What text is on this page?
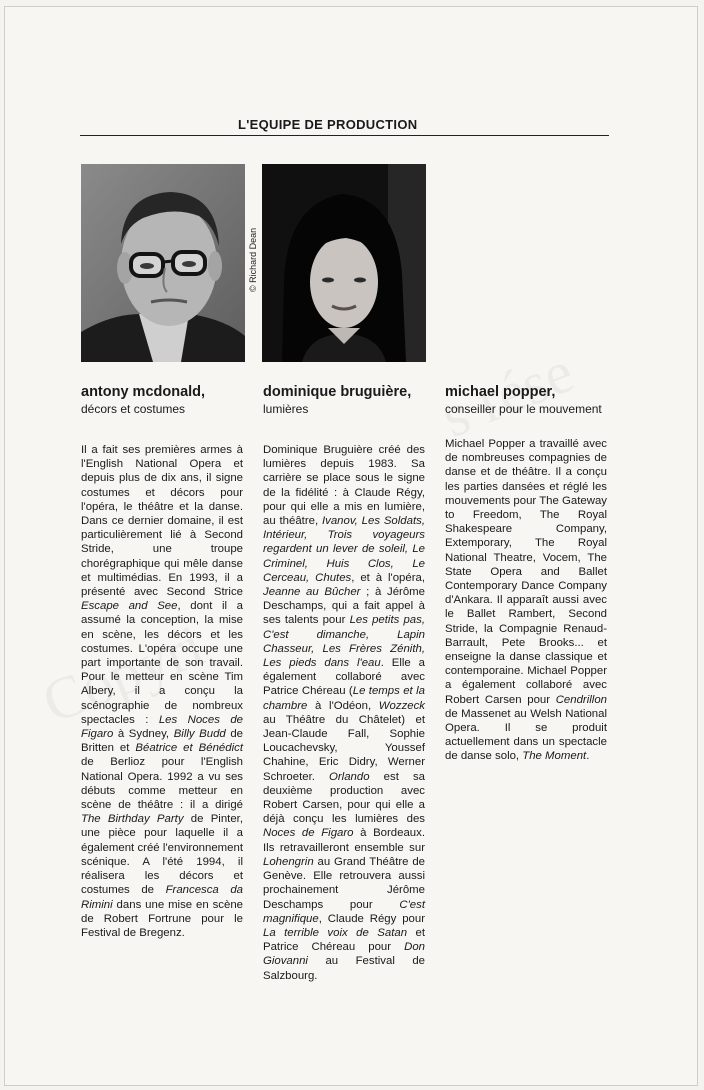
L'EQUIPE DE PRODUCTION
© Richard Dean
antony mcdonald,
décors et costumes
Il a fait ses premières armes à l'English National Opera et depuis plus de dix ans, il signe costumes et décors pour l'opéra, le théâtre et la danse. Dans ce dernier domaine, il est particulièrement lié à Second Stride, une troupe chorégraphique qui mêle danse et multimédias. En 1993, il a présenté avec Second Strice Escape and See, dont il a assumé la conception, la mise en scène, les décors et les costumes. L'opéra occupe une part importante de son travail. Pour le metteur en scène Tim Albery, il a conçu la scénographie de nombreux spectacles : Les Noces de Figaro à Sydney, Billy Budd de Britten et Béatrice et Bénédict de Berlioz pour l'English National Opera. 1992 a vu ses débuts comme metteur en scène de théâtre : il a dirigé The Birthday Party de Pinter, une pièce pour laquelle il a également créé l'environnement scénique. A l'été 1994, il réalisera les décors et costumes de Francesca da Rimini dans une mise en scène de Robert Fortrune pour le Festival de Bregenz.
dominique bruguière,
lumières
Dominique Bruguière créé des lumières depuis 1983. Sa carrière se place sous le signe de la fidélité : à Claude Régy, pour qui elle a mis en lumière, au théâtre, Ivanov, Les Soldats, Intérieur, Trois voyageurs regardent un lever de soleil, Le Criminel, Huis Clos, Le Cerceau, Chutes, et à l'opéra, Jeanne au Bûcher ; à Jérôme Deschamps, qui a fait appel à ses talents pour Les petits pas, C'est dimanche, Lapin Chasseur, Les Frères Zénith, Les pieds dans l'eau. Elle a également collaboré avec Patrice Chéreau (Le temps et la chambre à l'Odéon, Wozzeck au Théâtre du Châtelet) et Jean-Claude Fall, Sophie Loucachevsky, Youssef Chahine, Eric Didry, Werner Schroeter. Orlando est sa deuxième production avec Robert Carsen, pour qui elle a déjà conçu les lumières des Noces de Figaro à Bordeaux. Ils retravailleront ensemble sur Lohengrin au Grand Théâtre de Genève. Elle retrouvera aussi prochainement Jérôme Deschamps pour C'est magnifique, Claude Régy pour La terrible voix de Satan et Patrice Chéreau pour Don Giovanni au Festival de Salzbourg.
michael popper,
conseiller pour le mouvement
Michael Popper a travaillé avec de nombreuses compagnies de danse et de théâtre. Il a conçu les parties dansées et réglé les mouvements pour The Gateway to Freedom, The Royal Shakespeare Company, Extemporary, The Royal National Theatre, Vocem, The State Opera and Ballet Contemporary Dance Company d'Ankara. Il apparaît aussi avec le Ballet Rambert, Second Stride, la Compagnie Renaud-Barrault, Pete Brooks... et enseigne la danse classique et contemporaine. Michael Popper a également collaboré avec Robert Carsen pour Cendrillon de Massenet au Welsh National Opera. Il se produit actuellement dans un spectacle de danse solo, The Moment.
